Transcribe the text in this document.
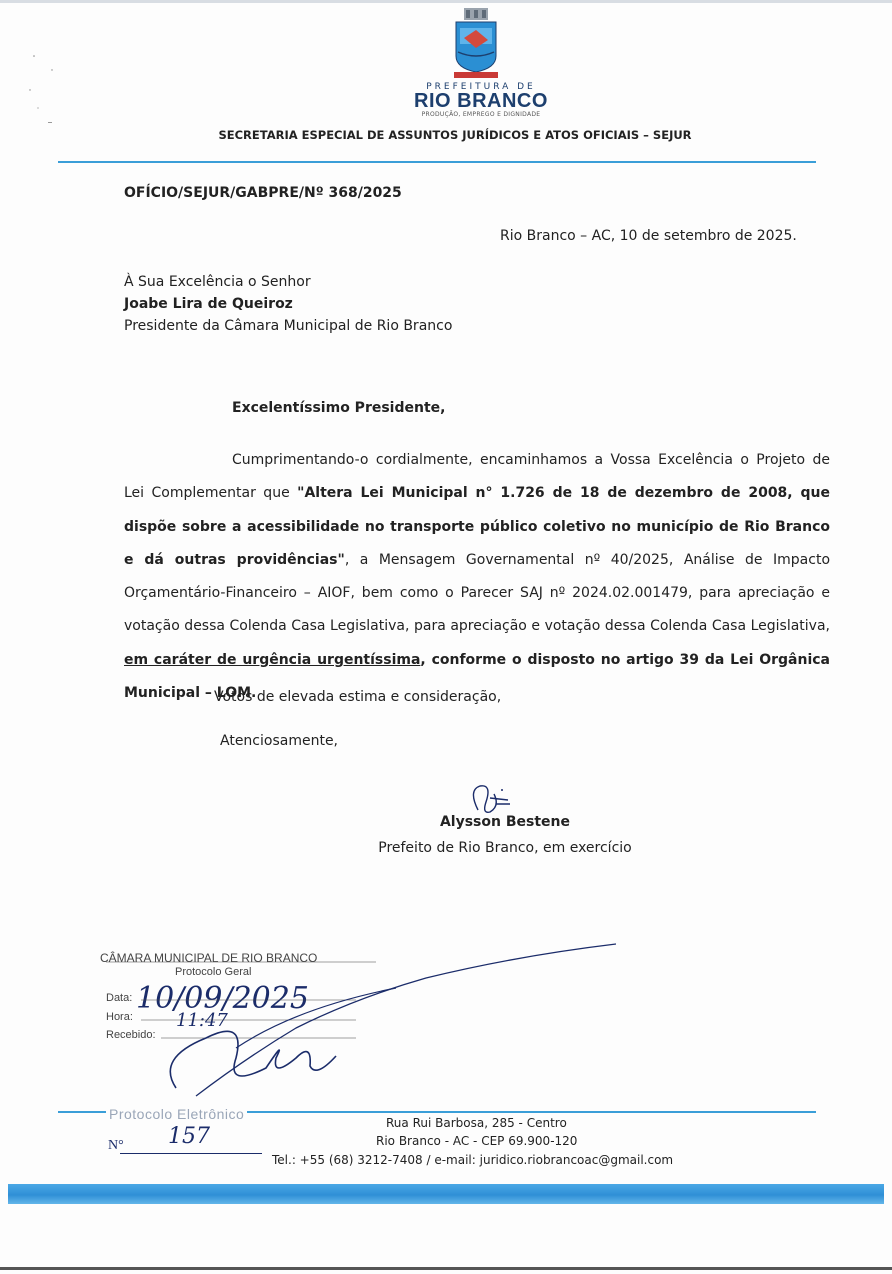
PREFEITURA DE
RIO BRANCO
PRODUÇÃO, EMPREGO E DIGNIDADE
SECRETARIA ESPECIAL DE ASSUNTOS JURÍDICOS E ATOS OFICIAIS – SEJUR
OFÍCIO/SEJUR/GABPRE/Nº 368/2025
Rio Branco – AC, 10 de setembro de 2025.
À Sua Excelência o Senhor
Joabe Lira de Queiroz
Presidente da Câmara Municipal de Rio Branco
Excelentíssimo Presidente,
Cumprimentando-o cordialmente, encaminhamos a Vossa Excelência o Projeto de Lei Complementar que "Altera Lei Municipal n° 1.726 de 18 de dezembro de 2008, que dispõe sobre a acessibilidade no transporte público coletivo no município de Rio Branco e dá outras providências", a Mensagem Governamental nº 40/2025, Análise de Impacto Orçamentário-Financeiro – AIOF, bem como o Parecer SAJ nº 2024.02.001479, para apreciação e votação dessa Colenda Casa Legislativa, para apreciação e votação dessa Colenda Casa Legislativa, em caráter de urgência urgentíssima, conforme o disposto no artigo 39 da Lei Orgânica Municipal – LOM.
Votos de elevada estima e consideração,
Atenciosamente,
Alysson Bestene
Prefeito de Rio Branco, em exercício
10/09/2025
11:47
CÂMARA MUNICIPAL DE RIO BRANCO
Protocolo Geral
Data:
Hora:
Recebido:
Protocolo Eletrônico
N° 157
Rua Rui Barbosa, 285 - Centro
Rio Branco - AC - CEP 69.900-120
Tel.: +55 (68) 3212-7408 / e-mail: juridico.riobrancoac@gmail.com
